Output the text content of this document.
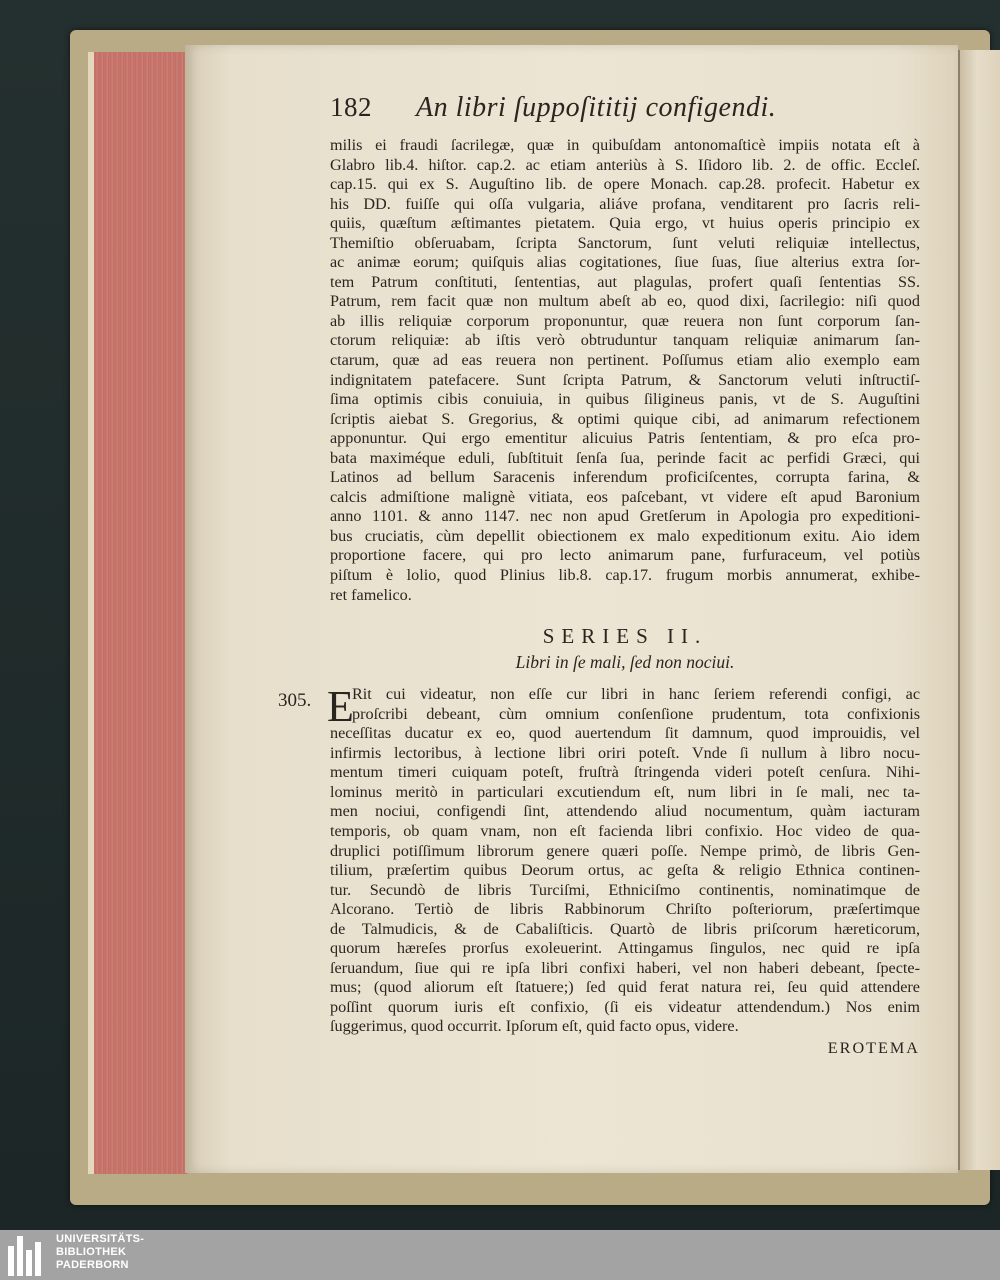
305.
182	An libri ſuppoſititij configendi.
milis ei fraudi ſacrilegæ, quæ in quibuſdam antonomaſticè impiis notata eſt à
Glabro lib.4. hiſtor. cap.2. ac etiam anteriùs à S. Iſidoro lib. 2. de offic. Eccleſ.
cap.15. qui ex S. Auguſtino lib. de opere Monach. cap.28. profecit. Habetur ex
his DD. fuiſſe qui oſſa vulgaria, aliáve profana, venditarent pro ſacris reli-
quiis, quæſtum æſtimantes pietatem. Quia ergo, vt huius operis principio ex
Themiſtio obſeruabam, ſcripta Sanctorum, ſunt veluti reliquiæ intellectus,
ac animæ eorum; quiſquis alias cogitationes, ſiue ſuas, ſiue alterius extra ſor-
tem Patrum conſtituti, ſententias, aut plagulas, profert quaſi ſententias SS.
Patrum, rem facit quæ non multum abeſt ab eo, quod dixi, ſacrilegio: niſi quod
ab illis reliquiæ corporum proponuntur, quæ reuera non ſunt corporum ſan-
ctorum reliquiæ: ab iſtis verò obtruduntur tanquam reliquiæ animarum ſan-
ctarum, quæ ad eas reuera non pertinent. Poſſumus etiam alio exemplo eam
indignitatem patefacere. Sunt ſcripta Patrum, & Sanctorum veluti inſtructiſ-
ſima optimis cibis conuiuia, in quibus ſiligineus panis, vt de S. Auguſtini
ſcriptis aiebat S. Gregorius, & optimi quique cibi, ad animarum refectionem
apponuntur. Qui ergo ementitur alicuius Patris ſententiam, & pro eſca pro-
bata maximéque eduli, ſubſtituit ſenſa ſua, perinde facit ac perfidi Græci, qui
Latinos ad bellum Saracenis inferendum proficiſcentes, corrupta farina, &
calcis admiſtione malignè vitiata, eos paſcebant, vt videre eſt apud Baronium
anno 1101. & anno 1147. nec non apud Gretſerum in Apologia pro expeditioni-
bus cruciatis, cùm depellit obiectionem ex malo expeditionum exitu. Aio idem
proportione facere, qui pro lecto animarum pane, furfuraceum, vel potiùs
piſtum è lolio, quod Plinius lib.8. cap.17. frugum morbis annumerat, exhibe-
ret famelico.
SERIES II.
Libri in ſe mali, ſed non nociui.
E
Rit cui videatur, non eſſe cur libri in hanc ſeriem referendi configi, ac
proſcribi debeant, cùm omnium conſenſione prudentum, tota confixionis
neceſſitas ducatur ex eo, quod auertendum ſit damnum, quod improuidis, vel
infirmis lectoribus, à lectione libri oriri poteſt. Vnde ſi nullum à libro nocu-
mentum timeri cuiquam poteſt, fruſtrà ſtringenda videri poteſt cenſura. Nihi-
lominus meritò in particulari excutiendum eſt, num libri in ſe mali, nec ta-
men nociui, configendi ſint, attendendo aliud nocumentum, quàm iacturam
temporis, ob quam vnam, non eſt facienda libri confixio. Hoc video de qua-
druplici potiſſimum librorum genere quæri poſſe. Nempe primò, de libris Gen-
tilium, præſertim quibus Deorum ortus, ac geſta & religio Ethnica continen-
tur. Secundò de libris Turciſmi, Ethniciſmo continentis, nominatimque de
Alcorano. Tertiò de libris Rabbinorum Chriſto poſteriorum, præſertimque
de Talmudicis, & de Cabaliſticis. Quartò de libris priſcorum hæreticorum,
quorum hæreſes prorſus exoleuerint. Attingamus ſingulos, nec quid re ipſa
ſeruandum, ſiue qui re ipſa libri confixi haberi, vel non haberi debeant, ſpecte-
mus; (quod aliorum eſt ſtatuere;) ſed quid ferat natura rei, ſeu quid attendere
poſſint quorum iuris eſt confixio, (ſi eis videatur attendendum.) Nos enim
ſuggerimus, quod occurrit. Ipſorum eſt, quid facto opus, videre.
EROTEMA
UNIVERSITÄTS-
BIBLIOTHEK
PADERBORN
